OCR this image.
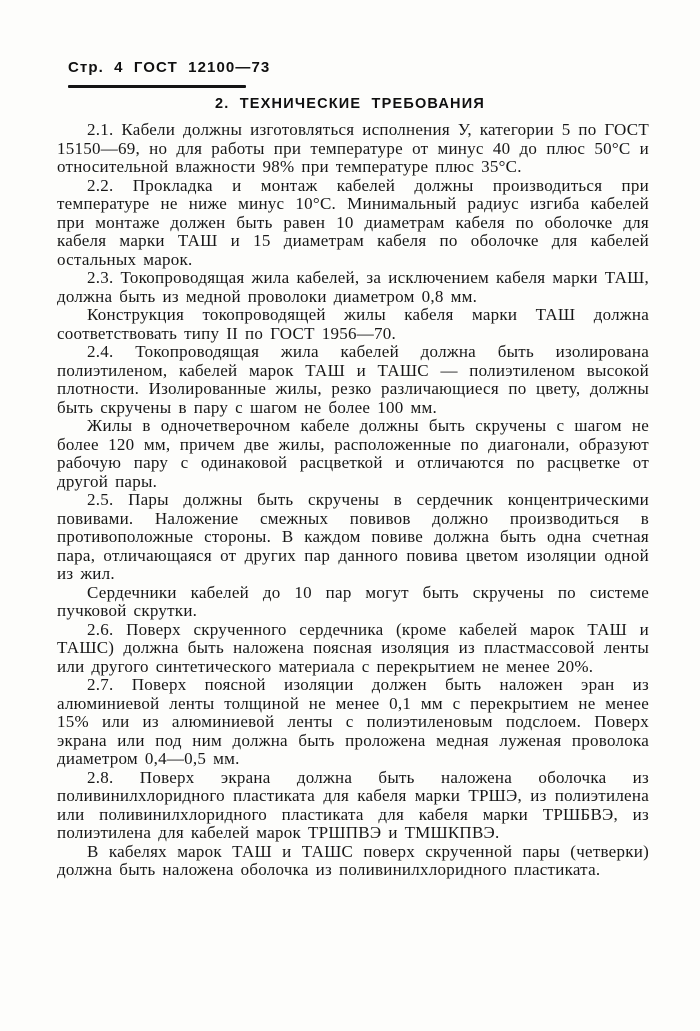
Стр. 4 ГОСТ 12100—73
2. ТЕХНИЧЕСКИЕ ТРЕБОВАНИЯ

2.1. Кабели должны изготовляться исполнения У, категории 5 по ГОСТ 15150—69, но для работы при температуре от минус 40 до плюс 50°С и относительной влажности 98% при температуре плюс 35°С.

2.2. Прокладка и монтаж кабелей должны производиться при температуре не ниже минус 10°С. Минимальный радиус изгиба кабелей при монтаже должен быть равен 10 диаметрам кабеля по оболочке для кабеля марки ТАШ и 15 диаметрам кабеля по оболочке для кабелей остальных марок.

2.3. Токопроводящая жила кабелей, за исключением кабеля марки ТАШ, должна быть из медной проволоки диаметром 0,8 мм.

Конструкция токопроводящей жилы кабеля марки ТАШ должна соответствовать типу II по ГОСТ 1956—70.

2.4. Токопроводящая жила кабелей должна быть изолирована полиэтиленом, кабелей марок ТАШ и ТАШС — полиэтиленом высокой плотности. Изолированные жилы, резко различающиеся по цвету, должны быть скручены в пару с шагом не более 100 мм.

Жилы в одночетверочном кабеле должны быть скручены с шагом не более 120 мм, причем две жилы, расположенные по диагонали, образуют рабочую пару с одинаковой расцветкой и отличаются по расцветке от другой пары.

2.5. Пары должны быть скручены в сердечник концентрическими повивами. Наложение смежных повивов должно производиться в противоположные стороны. В каждом повиве должна быть одна счетная пара, отличающаяся от других пар данного повива цветом изоляции одной из жил.

Сердечники кабелей до 10 пар могут быть скручены по системе пучковой скрутки.

2.6. Поверх скрученного сердечника (кроме кабелей марок ТАШ и ТАШС) должна быть наложена поясная изоляция из пластмассовой ленты или другого синтетического материала с перекрытием не менее 20%.

2.7. Поверх поясной изоляции должен быть наложен эран из алюминиевой ленты толщиной не менее 0,1 мм с перекрытием не менее 15% или из алюминиевой ленты с полиэтиленовым подслоем. Поверх экрана или под ним должна быть проложена медная луженая проволока диаметром 0,4—0,5 мм.

2.8. Поверх экрана должна быть наложена оболочка из поливинилхлоридного пластиката для кабеля марки ТРШЭ, из полиэтилена или поливинилхлоридного пластиката для кабеля марки ТРШБВЭ, из полиэтилена для кабелей марок ТРШПВЭ и ТМШКПВЭ.

В кабелях марок ТАШ и ТАШС поверх скрученной пары (четверки) должна быть наложена оболочка из поливинилхлоридного пластиката.
